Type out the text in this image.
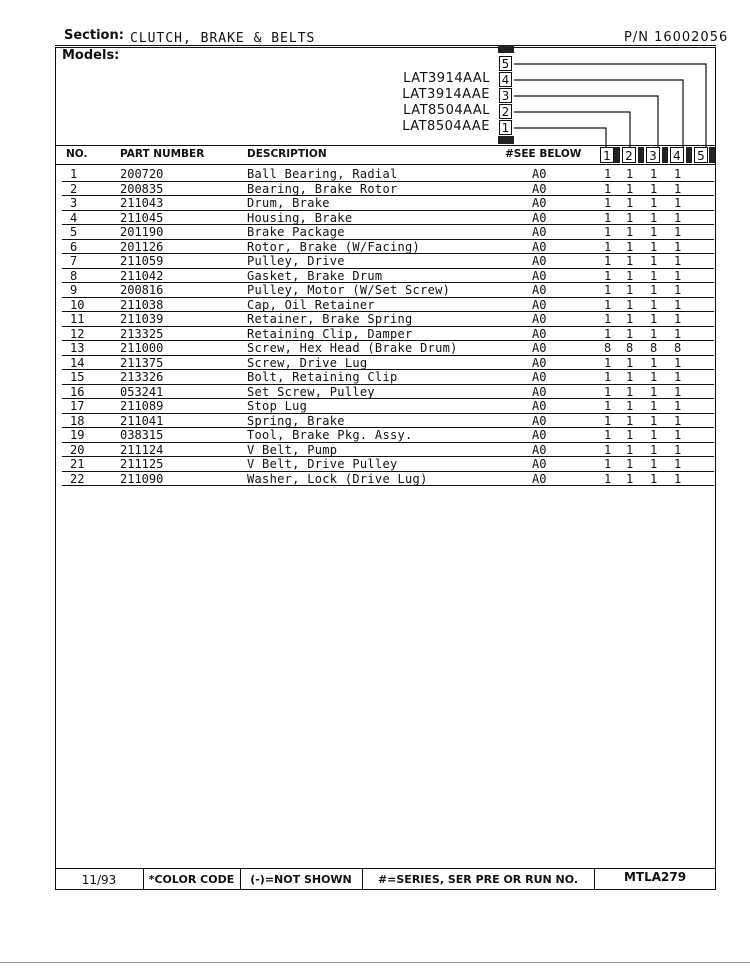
Section: CLUTCH, BRAKE & BELTS	P/N 16002056
Models:
5
4
LAT3914AAL
3
LAT3914AAE
2
LAT8504AAL
1
LAT8504AAE
NO.	PART NUMBER	DESCRIPTION	#SEE BELOW 1 2 3 4 5
1	200720	Ball Bearing, Radial	A0	1 1 1 1
2	200835	Bearing, Brake Rotor	A0	1 1 1 1
3	211043	Drum, Brake	A0	1 1 1 1
4	211045	Housing, Brake	A0	1 1 1 1
5	201190	Brake Package	A0	1 1 1 1
6	201126	Rotor, Brake (W/Facing)	A0	1 1 1 1
7	211059	Pulley, Drive	A0	1 1 1 1
8	211042	Gasket, Brake Drum	A0	1 1 1 1
9	200816	Pulley, Motor (W/Set Screw)	A0	1 1 1 1
10	211038	Cap, Oil Retainer	A0	1 1 1 1
11	211039	Retainer, Brake Spring	A0	1 1 1 1
12	213325	Retaining Clip, Damper	A0	1 1 1 1
13	211000	Screw, Hex Head (Brake Drum)	A0	8 8 8 8
14	211375	Screw, Drive Lug	A0	1 1 1 1
15	213326	Bolt, Retaining Clip	A0	1 1 1 1
16	053241	Set Screw, Pulley	A0	1 1 1 1
17	211089	Stop Lug	A0	1 1 1 1
18	211041	Spring, Brake	A0	1 1 1 1
19	038315	Tool, Brake Pkg. Assy.	A0	1 1 1 1
20	211124	V Belt, Pump	A0	1 1 1 1
21	211125	V Belt, Drive Pulley	A0	1 1 1 1
22	211090	Washer, Lock (Drive Lug)	A0	1 1 1 1
11/93	*COLOR CODE	(-)=NOT SHOWN	#=SERIES, SER PRE OR RUN NO.	MTLA279
